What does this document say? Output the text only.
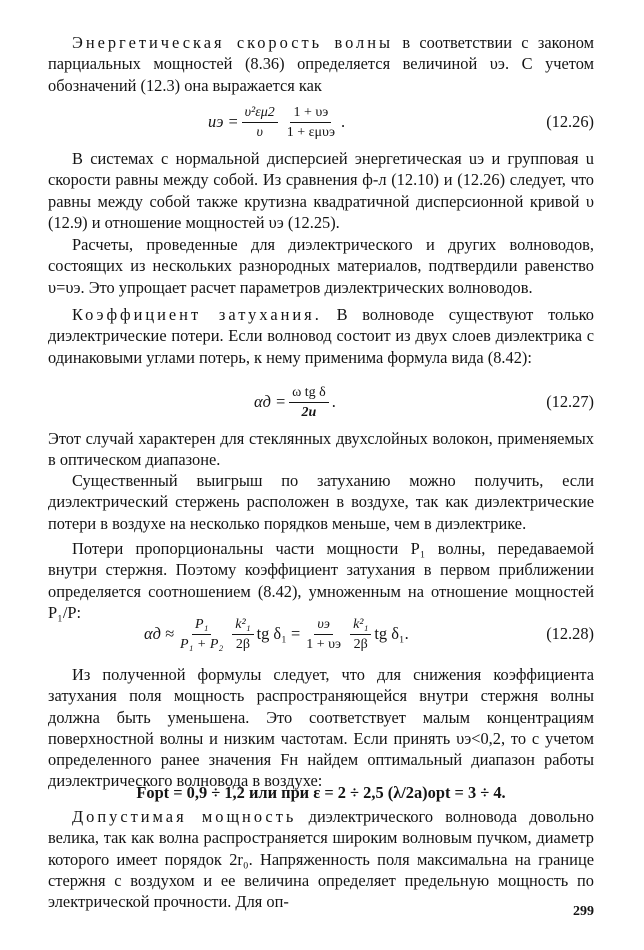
Энергетическая скорость волны в соответствии с законом парциальных мощностей (8.36) определяется величиной υэ. С учетом обозначений (12.3) она выражается как

uэ = $\frac{\text{υ²εμ2}}{\upsilon} \frac{1 + \upsilon э}{\text{1 + εμυэ}}$ .	(12.26)

В системах с нормальной дисперсией энергетическая uэ и групповая u скорости равны между собой. Из сравнения ф-л (12.10) и (12.26) следует, что равны между собой также крутизна квадратичной дисперсионной кривой υ (12.9) и отношение мощностей υэ (12.25).

Расчеты, проведенные для диэлектрического и других волноводов, состоящих из нескольких разнородных материалов, подтвердили равенство υ=υэ. Это упрощает расчет параметров диэлектрических волноводов.

Коэффициент затухания. В волноводе существуют только диэлектрические потери. Если волновод состоит из двух слоев диэлектрика с одинаковыми углами потерь, к нему применима формула вида (8.42):

$\alpha д = \frac{\text{ω tg δ}}{2u}$ .	(12.27)

Этот случай характерен для стеклянных двухслойных волокон, применяемых в оптическом диапазоне.

Существенный выигрыш по затуханию можно получить, если диэлектрический стержень расположен в воздухе, так как диэлектрические потери в воздухе на несколько порядков меньше, чем в диэлектрике.

Потери пропорциональны части мощности P₁ волны, передаваемой внутри стержня. Поэтому коэффициент затухания в первом приближении определяется соотношением (8.42), умноженным на отношение мощностей P₁/P:

$\alpha д \approx \frac{\text{P₁}}{\text{P₁ + P₂}} \frac{\text{k²₁}}{2\beta}$ tg $\delta_1 = \frac{\upsilon э}{1 + \upsilon э} \frac{\text{k²₁}}{2\beta}$ tg δ₁.	(12.28)

Из полученной формулы следует, что для снижения коэффициента затухания поля мощность распространяющейся внутри стержня волны должна быть уменьшена. Это соответствует малым концентрациям поверхностной волны и низким частотам. Если принять υэ<0,2, то с учетом определенного ранее значения Fн найдем оптимальный диапазон работы диэлектрического волновода в воздухе:

Fopt = 0,9 ÷ 1,2 или при ε = 2 ÷ 2,5 (λ/2a)opt = 3 ÷ 4.

Допустимая мощность диэлектрического волновода довольно велика, так как волна распространяется широким волновым пучком, диаметр которого имеет порядок 2r₀. Напряженность поля максимальна на границе стержня с воздухом и ее величина определяет предельную мощность по электрической прочности. Для оп-

299
